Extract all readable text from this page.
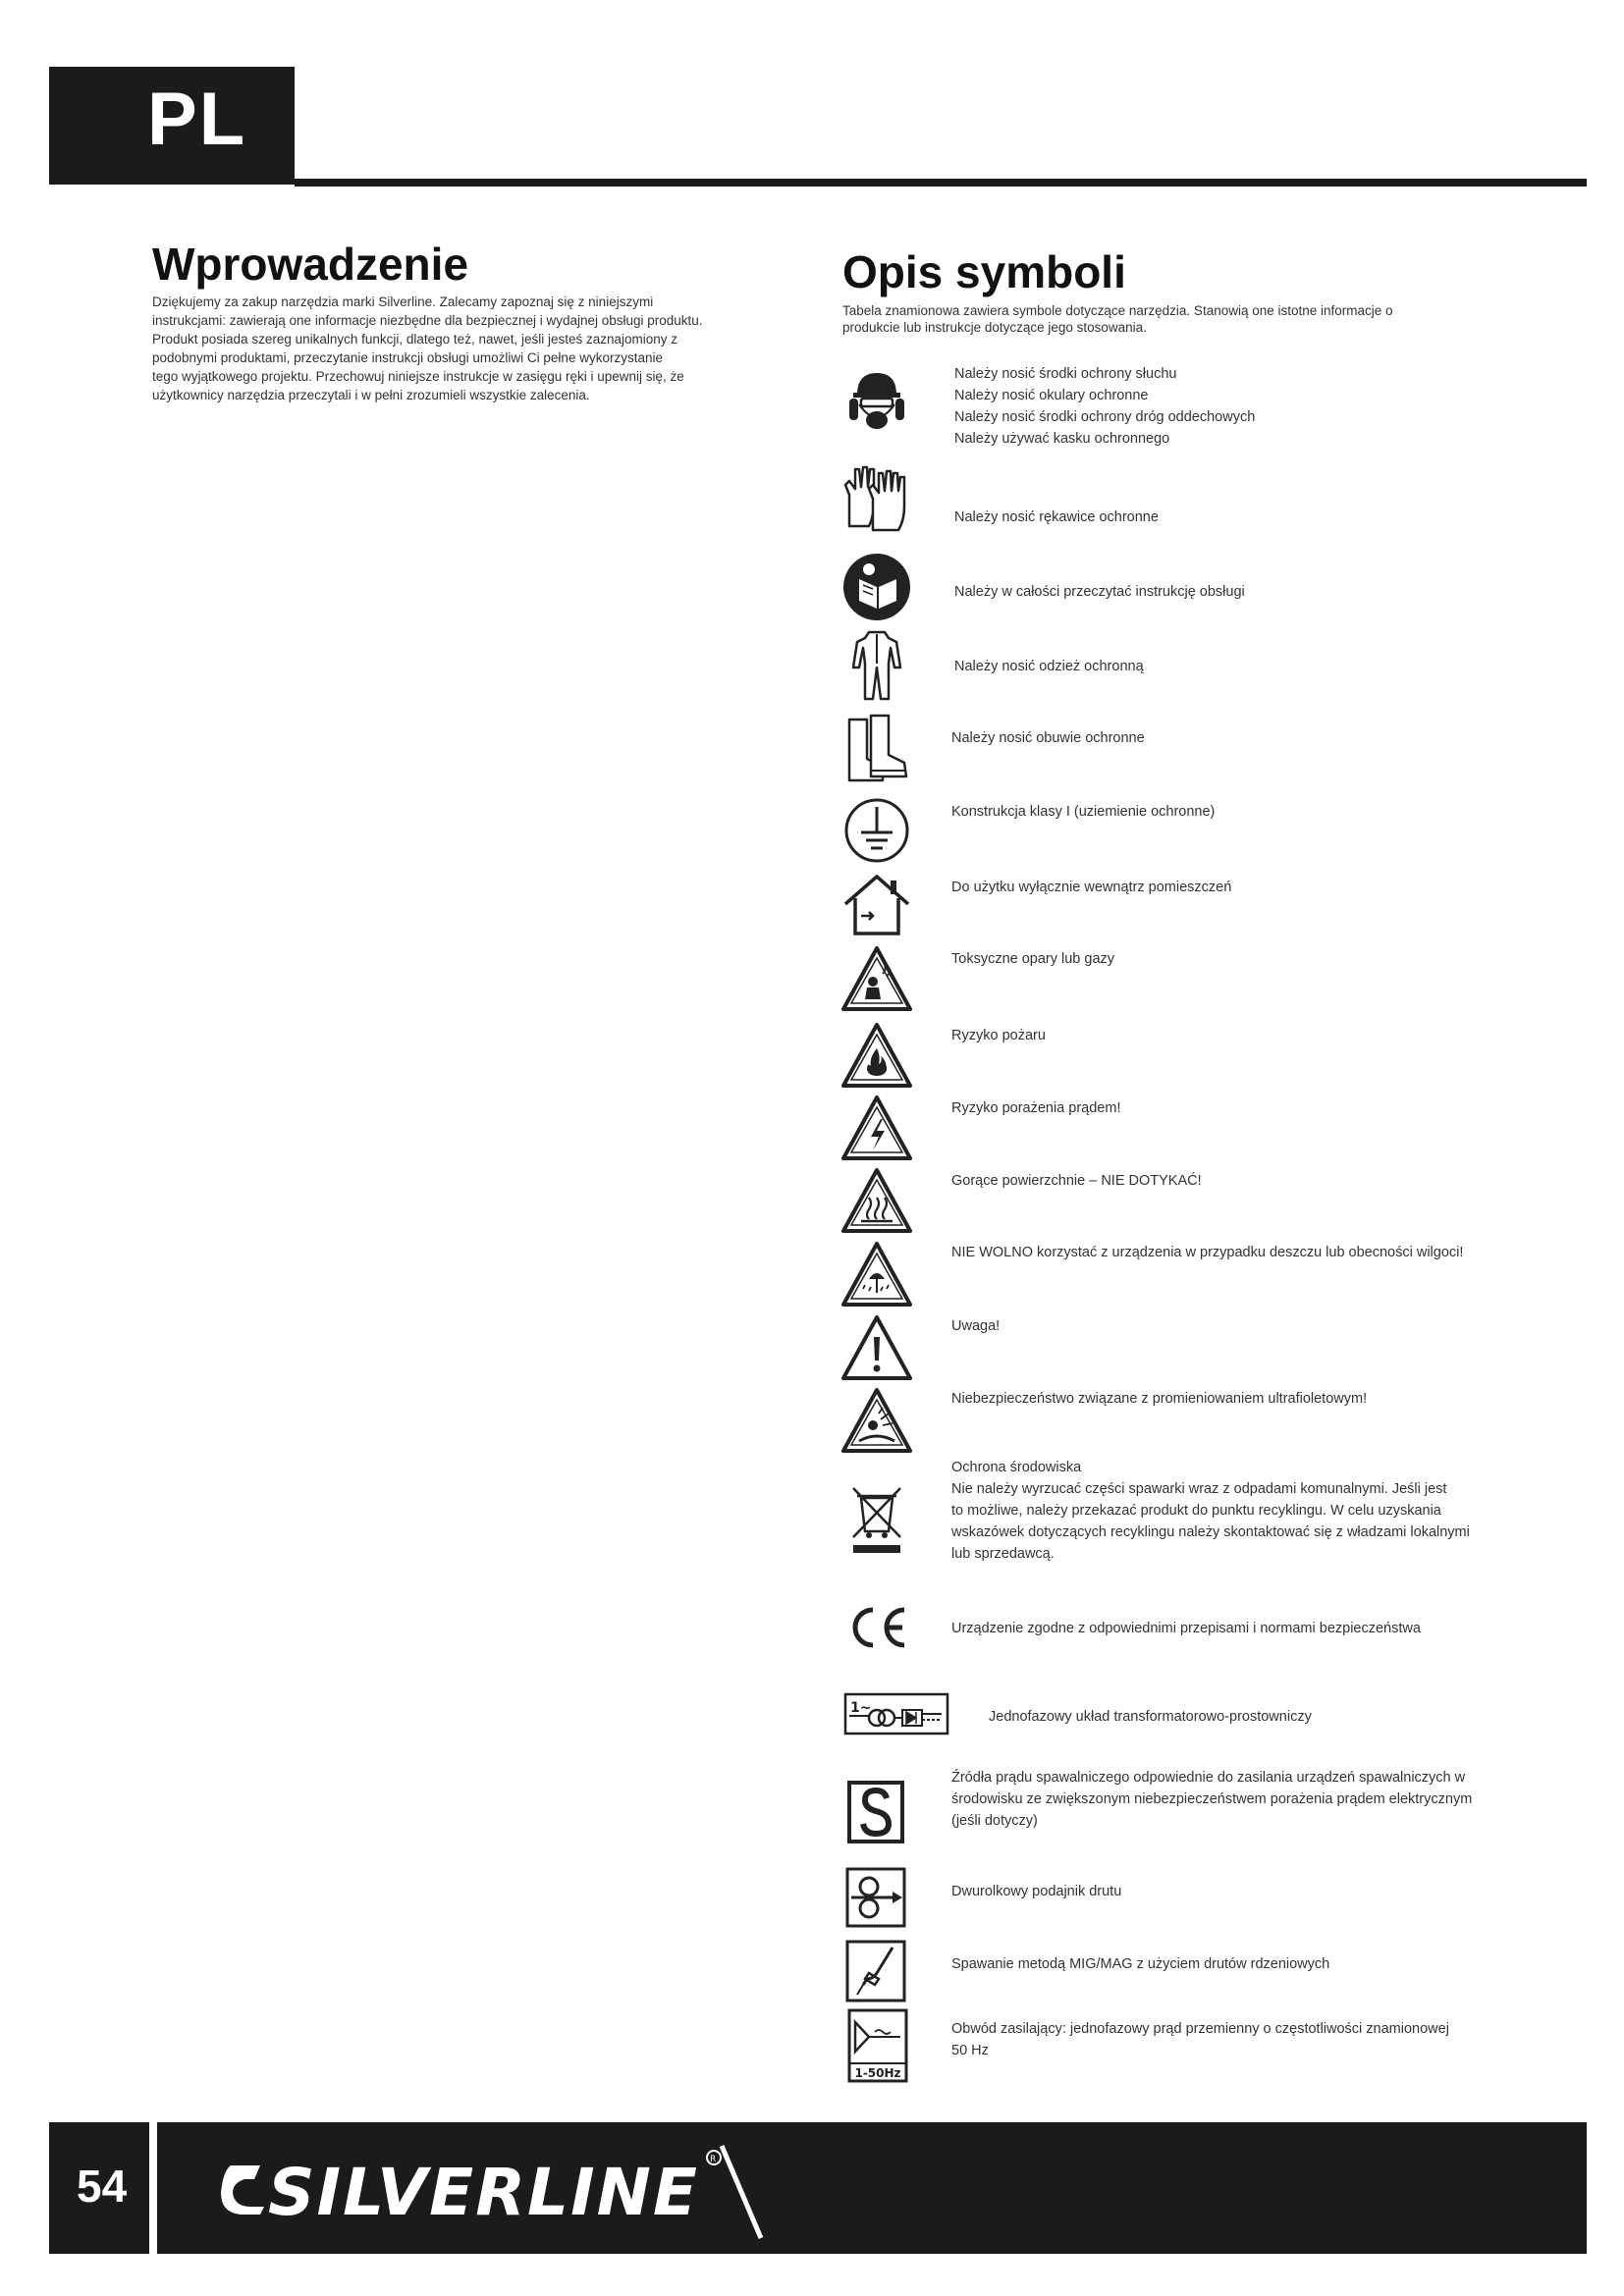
PL
Wprowadzenie
Dziękujemy za zakup narzędzia marki Silverline. Zalecamy zapoznaj się z niniejszymi
instrukcjami: zawierają one informacje niezbędne dla bezpiecznej i wydajnej obsługi produktu.
Produkt posiada szereg unikalnych funkcji, dlatego też, nawet, jeśli jesteś zaznajomiony z
podobnymi produktami, przeczytanie instrukcji obsługi umożliwi Ci pełne wykorzystanie
tego wyjątkowego projektu. Przechowuj niniejsze instrukcje w zasięgu ręki i upewnij się, że
użytkownicy narzędzia przeczytali i w pełni zrozumieli wszystkie zalecenia.
Opis symboli
Tabela znamionowa zawiera symbole dotyczące narzędzia. Stanowią one istotne informacje o
produkcie lub instrukcje dotyczące jego stosowania.
Należy nosić środki ochrony słuchu
Należy nosić okulary ochronne
Należy nosić środki ochrony dróg oddechowych
Należy używać kasku ochronnego
Należy nosić rękawice ochronne
Należy w całości przeczytać instrukcję obsługi
Należy nosić odzież ochronną
Należy nosić obuwie ochronne
Konstrukcja klasy I (uziemienie ochronne)
Do użytku wyłącznie wewnątrz pomieszczeń
Toksyczne opary lub gazy
Ryzyko pożaru
Ryzyko porażenia prądem!
Gorące powierzchnie – NIE DOTYKAĆ!
NIE WOLNO korzystać z urządzenia w przypadku deszczu lub obecności wilgoci!
Uwaga!
Niebezpieczeństwo związane z promieniowaniem ultrafioletowym!
Ochrona środowiska
Nie należy wyrzucać części spawarki wraz z odpadami komunalnymi. Jeśli jest
to możliwe, należy przekazać produkt do punktu recyklingu. W celu uzyskania
wskazówek dotyczących recyklingu należy skontaktować się z władzami lokalnymi
lub sprzedawcą.
Urządzenie zgodne z odpowiednimi przepisami i normami bezpieczeństwa
1~
Jednofazowy układ transformatorowo-prostowniczy
Źródła prądu spawalniczego odpowiednie do zasilania urządzeń spawalniczych w
środowisku ze zwiększonym niebezpieczeństwem porażenia prądem elektrycznym
(jeśli dotyczy)
Dwurolkowy podajnik drutu
Spawanie metodą MIG/MAG z użyciem drutów rdzeniowych
1-50Hz
Obwód zasilający: jednofazowy prąd przemienny o częstotliwości znamionowej
50 Hz
54 SILVERLINE R
